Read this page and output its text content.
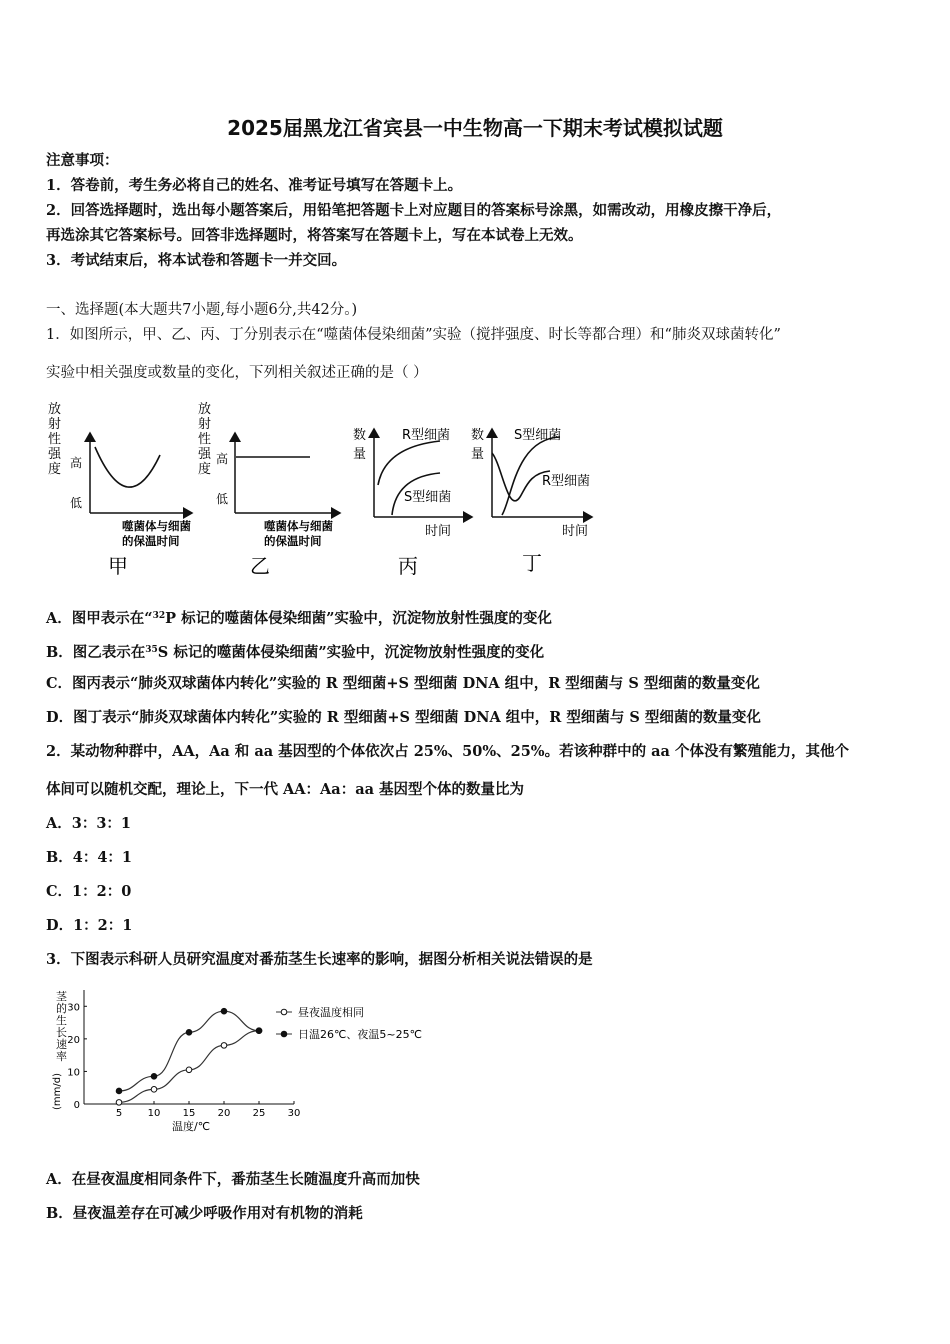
2025届黑龙江省宾县一中生物高一下期末考试模拟试题
注意事项：
1．答卷前，考生务必将自己的姓名、准考证号填写在答题卡上。
2．回答选择题时，选出每小题答案后，用铅笔把答题卡上对应题目的答案标号涂黑，如需改动，用橡皮擦干净后，
再选涂其它答案标号。回答非选择题时，将答案写在答题卡上，写在本试卷上无效。
3．考试结束后，将本试卷和答题卡一并交回。
一、选择题(本大题共7小题,每小题6分,共42分。)
1．如图所示，甲、乙、丙、丁分别表示在“噬菌体侵染细菌”实验（搅拌强度、时长等都合理）和“肺炎双球菌转化”
实验中相关强度或数量的变化，下列相关叙述正确的是（ ）
放
射
性
强
度 高
低
噬菌体与细菌
的保温时间
甲
放
射
性
强
度
高
低
噬菌体与细菌
的保温时间
乙
数
量
R型细菌
S型细菌
时间
丙
数
量
S型细菌
R型细菌
时间
丁
A．图甲表示在“$^{32}$P 标记的噬菌体侵染细菌”实验中，沉淀物放射性强度的变化
B．图乙表示在$^{35}$S 标记的噬菌体侵染细菌”实验中，沉淀物放射性强度的变化
C．图丙表示“肺炎双球菌体内转化”实验的 R 型细菌+S 型细菌 DNA 组中，R 型细菌与 S 型细菌的数量变化
D．图丁表示“肺炎双球菌体内转化”实验的 R 型细菌+S 型细菌 DNA 组中，R 型细菌与 S 型细菌的数量变化
2．某动物种群中，AA，Aa 和 aa 基因型的个体依次占 25%、50%、25%。若该种群中的 aa 个体没有繁殖能力，其他个
体间可以随机交配，理论上，下一代 AA：Aa：aa 基因型个体的数量比为
A．3：3：1
B．4：4：1
C．1：2：0
D．1：2：1
3．下图表示科研人员研究温度对番茄茎生长速率的影响，据图分析相关说法错误的是
茎的生长速率
(mm/d)
5	10 15 20 25 30
0
10
20
30	昼夜温度相同
日温26℃、夜温5~25℃
温度/℃
A．在昼夜温度相同条件下，番茄茎生长随温度升高而加快
B．昼夜温差存在可减少呼吸作用对有机物的消耗
